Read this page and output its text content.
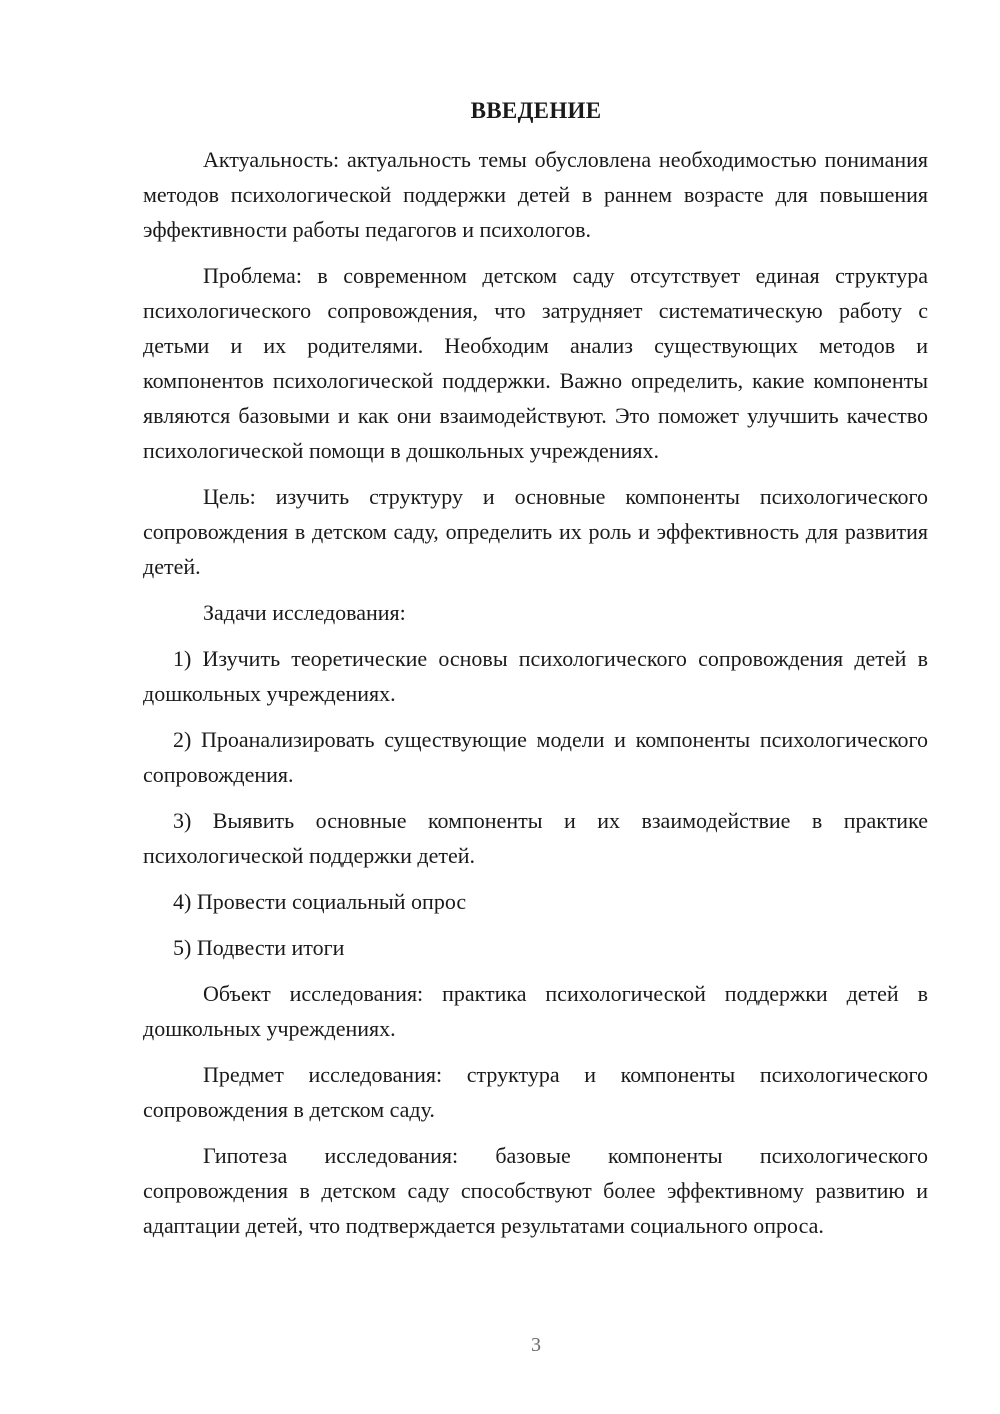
ВВЕДЕНИЕ

Актуальность: актуальность темы обусловлена необходимостью понимания методов психологической поддержки детей в раннем возрасте для повышения эффективности работы педагогов и психологов.

Проблема: в современном детском саду отсутствует единая структура психологического сопровождения, что затрудняет систематическую работу с детьми и их родителями. Необходим анализ существующих методов и компонентов психологической поддержки. Важно определить, какие компоненты являются базовыми и как они взаимодействуют. Это поможет улучшить качество психологической помощи в дошкольных учреждениях.

Цель: изучить структуру и основные компоненты психологического сопровождения в детском саду, определить их роль и эффективность для развития детей.

Задачи исследования:

1) Изучить теоретические основы психологического сопровождения детей в дошкольных учреждениях.

2) Проанализировать существующие модели и компоненты психологического сопровождения.

3) Выявить основные компоненты и их взаимодействие в практике психологической поддержки детей.

4) Провести социальный опрос

5) Подвести итоги

Объект исследования: практика психологической поддержки детей в дошкольных учреждениях.

Предмет исследования: структура и компоненты психологического сопровождения в детском саду.

Гипотеза исследования: базовые компоненты психологического сопровождения в детском саду способствуют более эффективному развитию и адаптации детей, что подтверждается результатами социального опроса.

3
